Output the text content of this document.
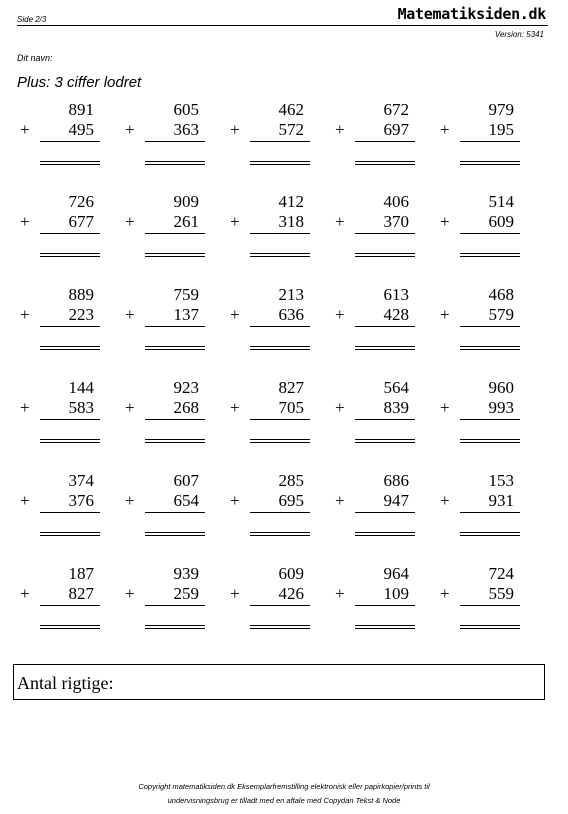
Side 2/3	Matematiksiden.dk
Version: 5341
Dit navn:
Plus: 3 ciffer lodret
891
+	495
605
+	363
462
+	572
672
+	697
979
+	195
726
+	677
909
+	261
412
+	318
406
+	370
514
+	609
889
+	223
759
+	137
213
+	636
613
+	428
468
+	579
144
+	583
923
+	268
827
+	705
564
+	839
960
+	993
374
+	376
607
+	654
285
+	695
686
+	947
153
+	931
187
+	827
939
+	259
609
+	426
964
+	109
724
+	559
Antal rigtige:
Copyright matematiksiden.dk Eksemplarfremstilling elektronisk eller papirkopier/prints til
undervisningsbrug er tilladt med en aftale med Copydan Tekst & Node
